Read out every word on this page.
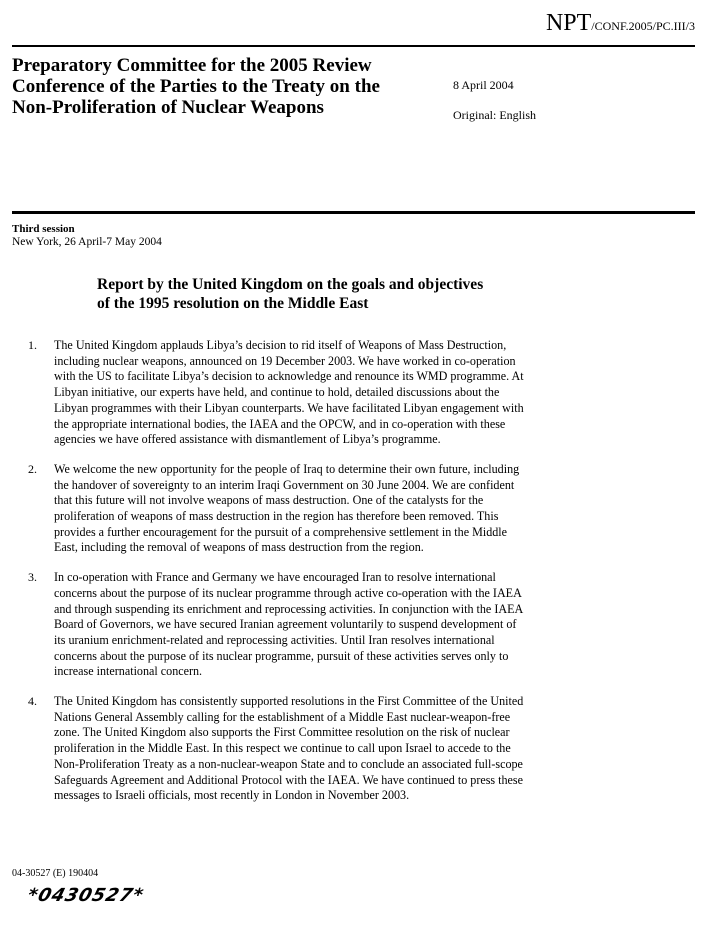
NPT/CONF.2005/PC.III/3
Preparatory Committee for the 2005 Review
Conference of the Parties to the Treaty on the
Non-Proliferation of Nuclear Weapons
8 April 2004
Original: English
Third session
New York, 26 April-7 May 2004
Report by the United Kingdom on the goals and objectives
of the 1995 resolution on the Middle East
1.	The United Kingdom applauds Libya’s decision to rid itself of Weapons of Mass Destruction,
including nuclear weapons, announced on 19 December 2003. We have worked in co-operation
with the US to facilitate Libya’s decision to acknowledge and renounce its WMD programme. At
Libyan initiative, our experts have held, and continue to hold, detailed discussions about the
Libyan programmes with their Libyan counterparts. We have facilitated Libyan engagement with
the appropriate international bodies, the IAEA and the OPCW, and in co-operation with these
agencies we have offered assistance with dismantlement of Libya’s programme.
2.	We welcome the new opportunity for the people of Iraq to determine their own future, including
the handover of sovereignty to an interim Iraqi Government on 30 June 2004. We are confident
that this future will not involve weapons of mass destruction. One of the catalysts for the
proliferation of weapons of mass destruction in the region has therefore been removed. This
provides a further encouragement for the pursuit of a comprehensive settlement in the Middle
East, including the removal of weapons of mass destruction from the region.
3.	In co-operation with France and Germany we have encouraged Iran to resolve international
concerns about the purpose of its nuclear programme through active co-operation with the IAEA
and through suspending its enrichment and reprocessing activities. In conjunction with the IAEA
Board of Governors, we have secured Iranian agreement voluntarily to suspend development of
its uranium enrichment-related and reprocessing activities. Until Iran resolves international
concerns about the purpose of its nuclear programme, pursuit of these activities serves only to
increase international concern.
4.	The United Kingdom has consistently supported resolutions in the First Committee of the United
Nations General Assembly calling for the establishment of a Middle East nuclear-weapon-free
zone. The United Kingdom also supports the First Committee resolution on the risk of nuclear
proliferation in the Middle East. In this respect we continue to call upon Israel to accede to the
Non-Proliferation Treaty as a non-nuclear-weapon State and to conclude an associated full-scope
Safeguards Agreement and Additional Protocol with the IAEA. We have continued to press these
messages to Israeli officials, most recently in London in November 2003.
04-30527 (E) 190404
*0430527*
